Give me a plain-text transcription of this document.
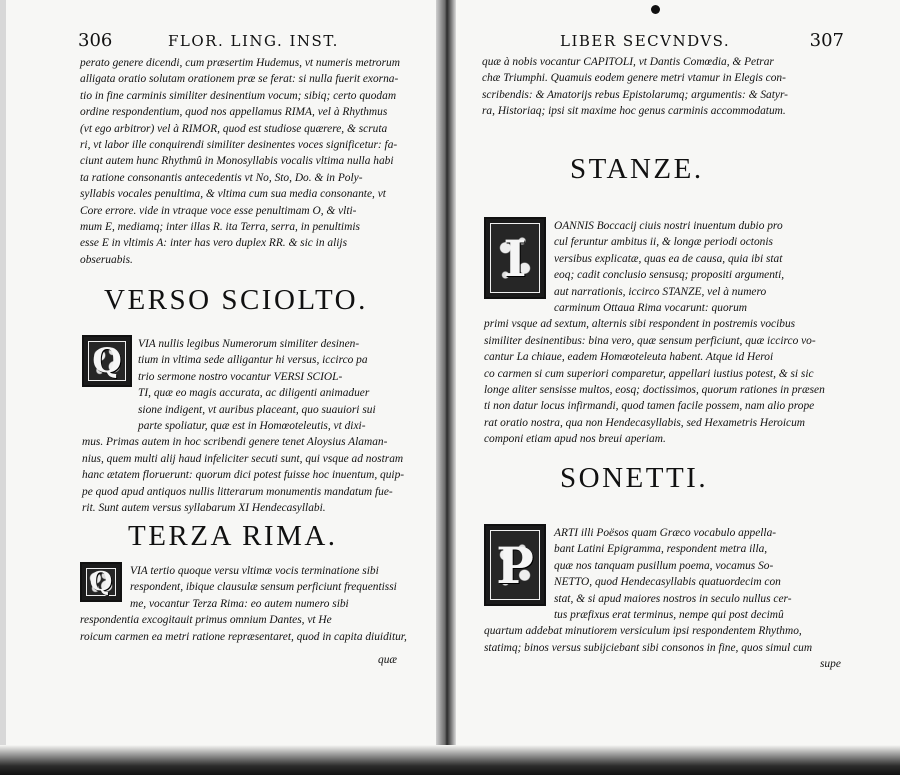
306	FLOR. LING. INST.
perato genere dicendi, cum præsertim Hudemus, vt numeris metrorum
alligata oratio solutam orationem præ se ferat: si nulla fuerit exorna-
tio in fine carminis similiter desinentium vocum; sibiq; certo quodam
ordine respondentium, quod nos appellamus RIMA, vel à Rhythmus
(vt ego arbitror) vel à RIMOR, quod est studiose quærere, & scruta
ri, vt labor ille conquirendi similiter desinentes voces significetur: fa-
ciunt autem hunc Rhythmû in Monosyllabis vocalis vltima nulla habi
ta ratione consonantis antecedentis vt No, Sto, Do. & in Poly-
syllabis vocales penultima, & vltima cum sua media consonante, vt
Core errore. vide in vtraque voce esse penultimam O, & vlti-
mum E, mediamq; inter illas R. ita Terra, serra, in penultimis
esse E in vltimis A: inter has vero duplex RR. & sic in alijs
obseruabis.
VERSO SCIOLTO.
Q	VIA nullis legibus Numerorum similiter desinen-
tium in vltima sede alligantur hi versus, iccirco pa
trio sermone nostro vocantur VERSI SCIOL-
TI, quæ eo magis accurata, ac diligenti animaduer
sione indigent, vt auribus placeant, quo suauiori sui
parte spoliatur, quæ est in Homœoteleutis, vt dixi-
mus. Primas autem in hoc scribendi genere tenet Aloysius Alaman-
nius, quem multi alij haud infeliciter secuti sunt, qui vsque ad nostram
hanc ætatem floruerunt: quorum dici potest fuisse hoc inuentum, quip-
pe quod apud antiquos nullis litterarum monumentis mandatum fue-
rit. Sunt autem versus syllabarum XI Hendecasyllabi.
TERZA RIMA.
Q	VIA tertio quoque versu vltimæ vocis terminatione sibi
respondent, ibique clausulæ sensum perficiunt frequentissi
me, vocantur Terza Rima: eo autem numero sibi
respondentia excogitauit primus omnium Dantes, vt He
roicum carmen ea metri ratione repræsentaret, quod in capita diuiditur,
quæ
LIBER SECVNDVS.	307
quæ à nobis vocantur CAPITOLI, vt Dantis Comœdia, & Petrar
chæ Triumphi. Quamuis eodem genere metri vtamur in Elegis con-
scribendis: & Amatorijs rebus Epistolarumq; argumentis: & Satyr-
ra, Historiaq; ipsi sit maxime hoc genus carminis accommodatum.
STANZE.
I
OANNIS Boccacij ciuis nostri inuentum dubio pro
cul feruntur ambitus ii, & longæ periodi octonis
versibus explicatæ, quas ea de causa, quia ibi stat
eoq; cadit conclusio sensusq; propositi argumenti,
aut narrationis, iccirco STANZE, vel à numero
carminum Ottaua Rima vocarunt: quorum
primi vsque ad sextum, alternis sibi respondent in postremis vocibus
similiter desinentibus: bina vero, quæ sensum perficiunt, quæ iccirco vo-
cantur La chiaue, eadem Homœoteleuta habent. Atque id Heroi
co carmen si cum superiori comparetur, appellari iustius potest, & si sic
longe aliter sensisse multos, eosq; doctissimos, quorum rationes in præsen
ti non datur locus infirmandi, quod tamen facile possem, nam alio prope
rat oratio nostra, qua non Hendecasyllabis, sed Hexametris Heroicum
componi etiam apud nos breui aperiam.
SONETTI.
P
ARTI illi Poësos quam Græco vocabulo appella-
bant Latini Epigramma, respondent metra illa,
quæ nos tanquam pusillum poema, vocamus So-
NETTO, quod Hendecasyllabis quatuordecim con
stat, & si apud maiores nostros in seculo nullus cer-
tus præfixus erat terminus, nempe qui post decimû
quartum addebat minutiorem versiculum ipsi respondentem Rhythmo,
statimq; binos versus subijciebant sibi consonos in fine, quos simul cum
supe
